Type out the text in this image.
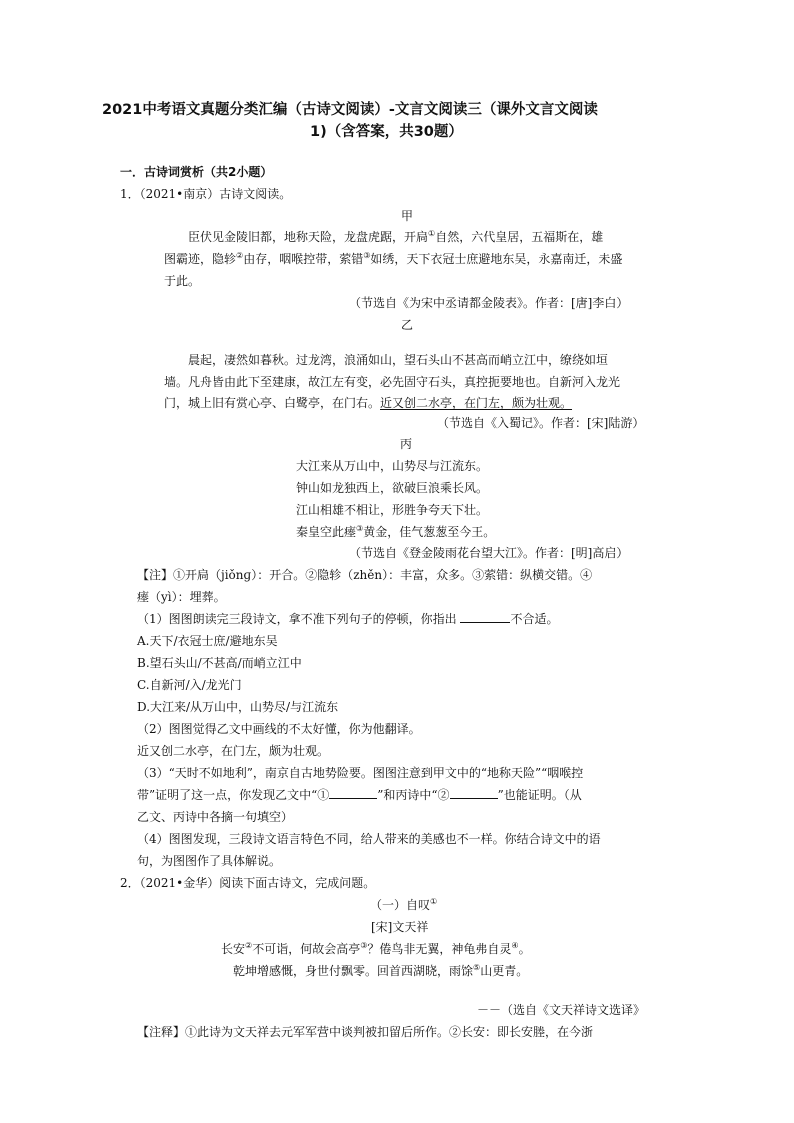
2021中考语文真题分类汇编（古诗文阅读）-文言文阅读三（课外文言文阅读
1)（含答案，共30题）
一．古诗词赏析（共2小题）
1．（2021•南京）古诗文阅读。
甲
臣伏见金陵旧都，地称天险，龙盘虎踞，开扃①自然，六代皇居，五福斯在，雄
图霸迹，隐轸②由存，咽喉控带，萦错③如绣，天下衣冠士庶避地东吴，永嘉南迁，未盛
于此。
（节选自《为宋中丞请都金陵表》。作者：[唐]李白）
乙
晨起，凄然如暮秋。过龙湾，浪涌如山，望石头山不甚高而峭立江中，缭绕如垣
墙。凡舟皆由此下至建康，故江左有变，必先固守石头，真控扼要地也。自新河入龙光
门，城上旧有赏心亭、白鹭亭，在门右。近又创二水亭，在门左，颇为壮观。
（节选自《入蜀记》。作者：[宋]陆游）
丙
大江来从万山中，山势尽与江流东。
钟山如龙独西上，欲破巨浪乘长风。
江山相雄不相让，形胜争夸天下壮。
秦皇空此瘗③黄金，佳气葱葱至今王。
（节选自《登金陵雨花台望大江》。作者：[明]高启）
【注】①开扃（jiǒnɡ）：开合。②隐轸（zhěn）：丰富，众多。③萦错：纵横交错。④
瘗（yì）：埋葬。
（1）图图朗读完三段诗文，拿不准下列句子的停顿，你指出	不合适。
A.天下/衣冠士庶/避地东吴
B.望石头山/不甚高/而峭立江中
C.自新河/入/龙光门
D.大江来/从万山中，山势尽/与江流东
（2）图图觉得乙文中画线的不太好懂，你为他翻译。
近又创二水亭，在门左，颇为壮观。
（3）“天时不如地利”，南京自古地势险要。图图注意到甲文中的“地称天险”“咽喉控
带”证明了这一点，你发现乙文中“①	”和丙诗中“②	”也能证明。（从
乙文、丙诗中各摘一句填空）
（4）图图发现，三段诗文语言特色不同，给人带来的美感也不一样。你结合诗文中的语
句，为图图作了具体解说。
2．（2021•金华）阅读下面古诗文，完成问题。
（一）自叹①
[宋]文天祥
长安②不可诣，何故会高亭③？倦鸟非无翼，神龟弗自灵④。
乾坤增感慨，身世付飘零。回首西湖晓，雨馀⑤山更青。
－－（选自《文天祥诗文选译》
【注释】①此诗为文天祥去元军军营中谈判被扣留后所作。②长安：即长安塍，在今浙
